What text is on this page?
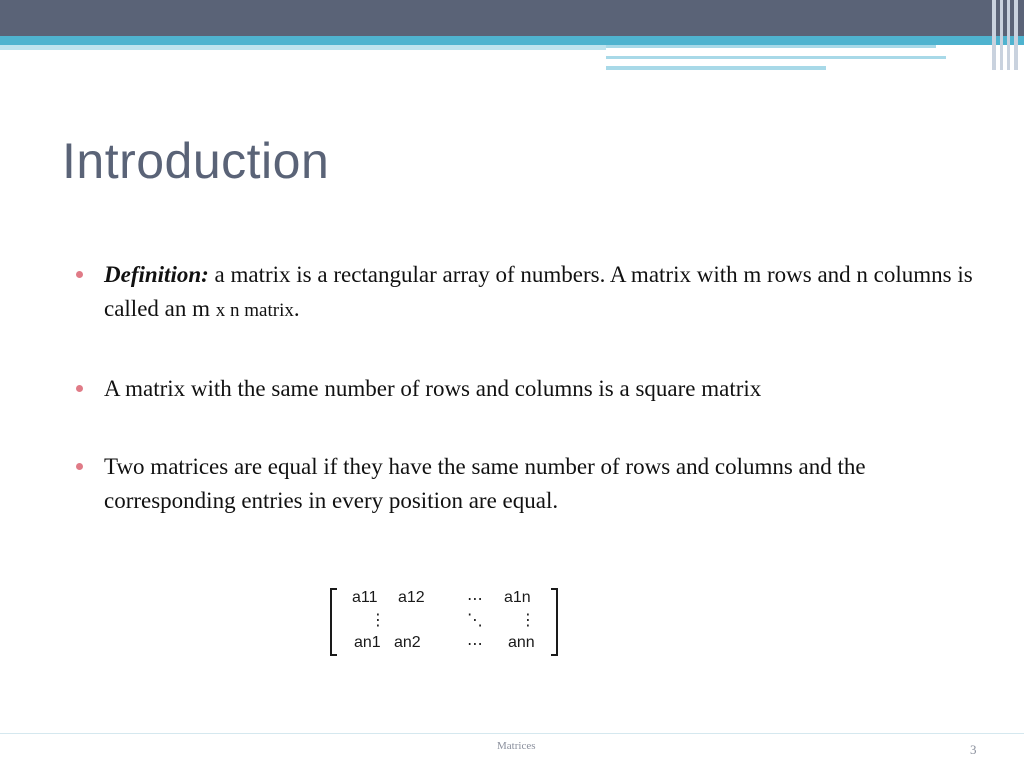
Introduction
Definition: a matrix is a rectangular array of numbers. A matrix with m rows and n columns is called an m x n matrix.
A matrix with the same number of rows and columns is a square matrix
Two matrices are equal if they have the same number of rows and columns and the corresponding entries in every position are equal.
a11 a12	⋯ a1n
⋮	⋱ ⋮
an1 an2	⋯ ann
Matrices	3
